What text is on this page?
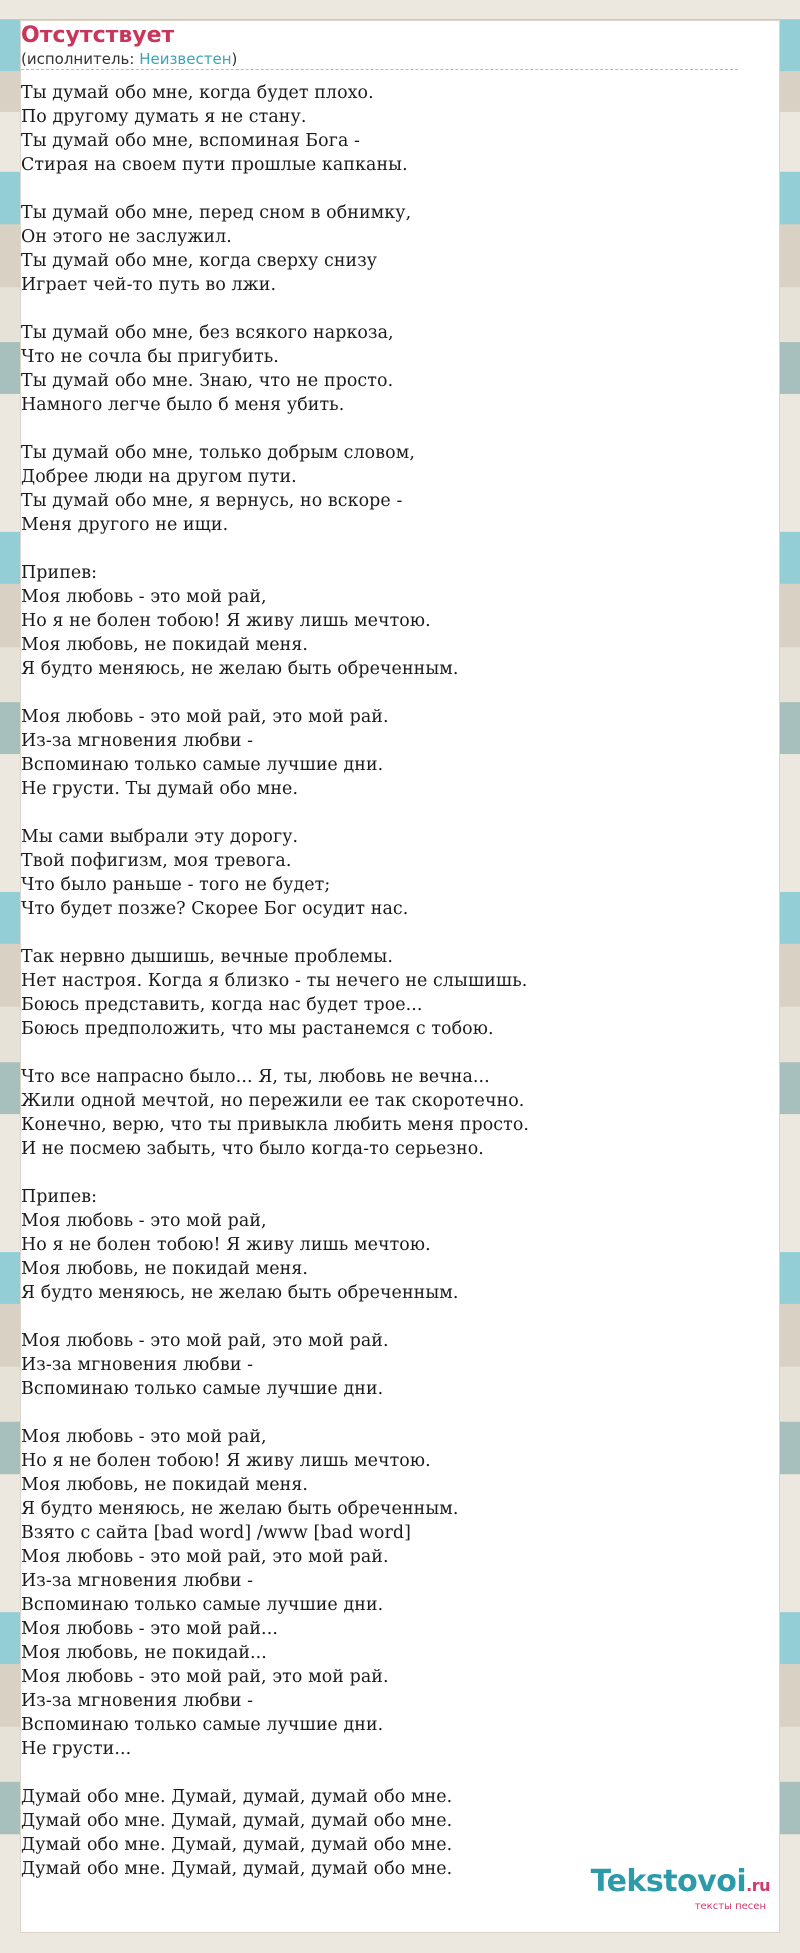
Отсутствует
(исполнитель: Неизвестен)
Ты думай обо мне, когда будет плохо.
По другому думать я не стану.
Ты думай обо мне, вспоминая Бога -
Стирая на своем пути прошлые капканы.

Ты думай обо мне, перед сном в обнимку,
Он этого не заслужил.
Ты думай обо мне, когда сверху снизу
Играет чей-то путь во лжи.

Ты думай обо мне, без всякого наркоза,
Что не сочла бы пригубить.
Ты думай обо мне. Знаю, что не просто.
Намного легче было б меня убить.

Ты думай обо мне, только добрым словом,
Добрее люди на другом пути.
Ты думай обо мне, я вернусь, но вскоре -
Меня другого не ищи.

Припев:
Моя любовь - это мой рай,
Но я не болен тобою! Я живу лишь мечтою.
Моя любовь, не покидай меня.
Я будто меняюсь, не желаю быть обреченным.

Моя любовь - это мой рай, это мой рай.
Из-за мгновения любви -
Вспоминаю только самые лучшие дни.
Не грусти. Ты думай обо мне.

Мы сами выбрали эту дорогу.
Твой пофигизм, моя тревога.
Что было раньше - того не будет;
Что будет позже? Скорее Бог осудит нас.

Так нервно дышишь, вечные проблемы.
Нет настроя. Когда я близко - ты нечего не слышишь.
Боюсь представить, когда нас будет трое...
Боюсь предположить, что мы растанемся с тобою.

Что все напрасно было... Я, ты, любовь не вечна...
Жили одной мечтой, но пережили ее так скоротечно.
Конечно, верю, что ты привыкла любить меня просто.
И не посмею забыть, что было когда-то серьезно.

Припев:
Моя любовь - это мой рай,
Но я не болен тобою! Я живу лишь мечтою.
Моя любовь, не покидай меня.
Я будто меняюсь, не желаю быть обреченным.

Моя любовь - это мой рай, это мой рай.
Из-за мгновения любви -
Вспоминаю только самые лучшие дни.

Моя любовь - это мой рай,
Но я не болен тобою! Я живу лишь мечтою.
Моя любовь, не покидай меня.
Я будто меняюсь, не желаю быть обреченным.
Взято с сайта [bad word] /www [bad word]
Моя любовь - это мой рай, это мой рай.
Из-за мгновения любви -
Вспоминаю только самые лучшие дни.
Моя любовь - это мой рай...
Моя любовь, не покидай...
Моя любовь - это мой рай, это мой рай.
Из-за мгновения любви -
Вспоминаю только самые лучшие дни.
Не грусти...

Думай обо мне. Думай, думай, думай обо мне.
Думай обо мне. Думай, думай, думай обо мне.
Думай обо мне. Думай, думай, думай обо мне.
Думай обо мне. Думай, думай, думай обо мне.	Tekstovoi.ru
тексты песен
